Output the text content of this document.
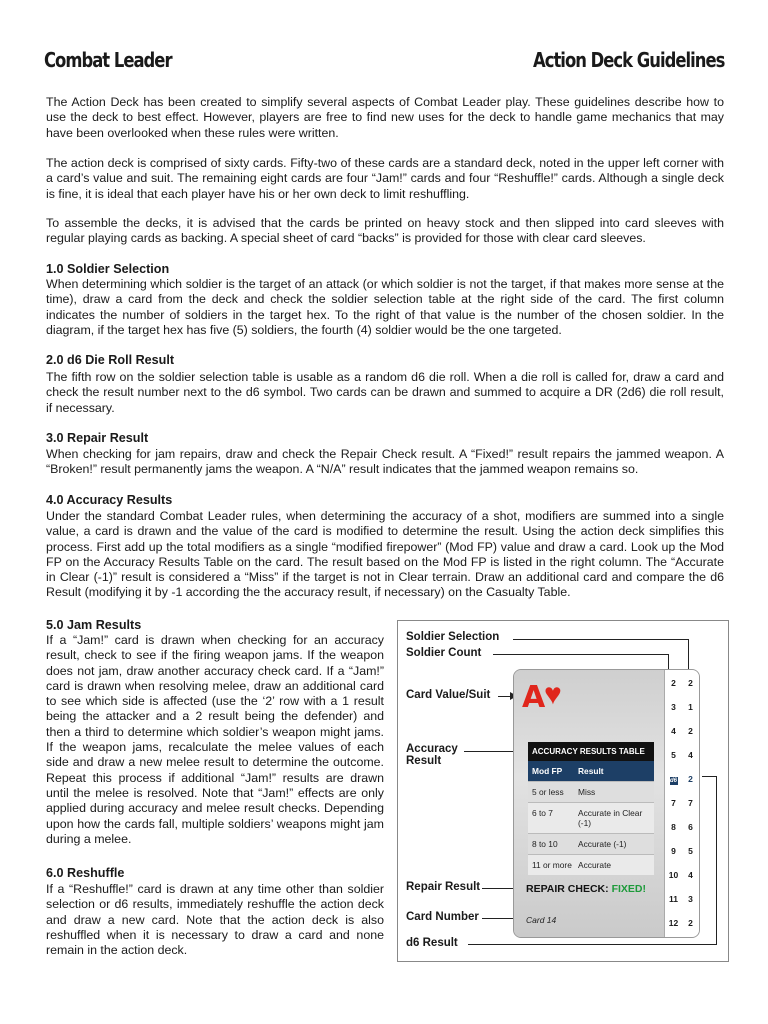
Combat Leader	Action Deck Guidelines

The Action Deck has been created to simplify several aspects of Combat Leader play. These guidelines describe how to use the deck to best effect. However, players are free to find new uses for the deck to handle game mechanics that may have been overlooked when these rules were written.

The action deck is comprised of sixty cards. Fifty-two of these cards are a standard deck, noted in the upper left corner with a card’s value and suit. The remaining eight cards are four “Jam!” cards and four “Reshuffle!” cards. Although a single deck is fine, it is ideal that each player have his or her own deck to limit reshuffling.

To assemble the decks, it is advised that the cards be printed on heavy stock and then slipped into card sleeves with regular playing cards as backing. A special sheet of card “backs” is provided for those with clear card sleeves.

1.0 Soldier Selection

When determining which soldier is the target of an attack (or which soldier is not the target, if that makes more sense at the time), draw a card from the deck and check the soldier selection table at the right side of the card. The first column indicates the number of soldiers in the target hex. To the right of that value is the number of the chosen soldier. In the diagram, if the target hex has five (5) soldiers, the fourth (4) soldier would be the one targeted.

2.0 d6 Die Roll Result

The fifth row on the soldier selection table is usable as a random d6 die roll. When a die roll is called for, draw a card and check the result number next to the d6 symbol. Two cards can be drawn and summed to acquire a DR (2d6) die roll result, if necessary.

3.0 Repair Result

When checking for jam repairs, draw and check the Repair Check result. A “Fixed!” result repairs the jammed weapon. A “Broken!” result permanently jams the weapon. A “N/A” result indicates that the jammed weapon remains so.

4.0 Accuracy Results

Under the standard Combat Leader rules, when determining the accuracy of a shot, modifiers are summed into a single value, a card is drawn and the value of the card is modified to determine the result. Using the action deck simplifies this process. First add up the total modifiers as a single “modified firepower” (Mod FP) value and draw a card. Look up the Mod FP on the Accuracy Results Table on the card. The result based on the Mod FP is listed in the right column. The “Accurate in Clear (-1)” result is considered a “Miss” if the target is not in Clear terrain. Draw an additional card and compare the d6 Result (modifying it by -1 according the the accuracy result, if necessary) on the Casualty Table.

5.0 Jam Results

If a “Jam!” card is drawn when checking for an accuracy result, check to see if the firing weapon jams. If the weapon does not jam, draw another accuracy check card. If a “Jam!” card is drawn when resolving melee, draw an additional card to see which side is affected (use the ‘2’ row with a 1 result being the attacker and a 2 result being the defender) and then a third to determine which soldier’s weapon might jams. If the weapon jams, recalculate the melee values of each side and draw a new melee result to determine the outcome. Repeat this process if additional “Jam!” results are drawn until the melee is resolved. Note that “Jam!” effects are only applied during accuracy and melee result checks. Depending upon how the cards fall, multiple soldiers’ weapons might jam during a melee.

6.0 Reshuffle

If a “Reshuffle!” card is drawn at any time other than soldier selection or d6 results, immediately reshuffle the action deck and draw a new card. Note that the action deck is also reshuffled when it is necessary to draw a card and none remain in the action deck.

Soldier Selection
Soldier Count
Card Value/Suit
Accuracy Result
Repair Result
Card Number
d6 Result
A
♥
ACCURACY RESULTS TABLE
Mod FP	Result
5 or less	Miss
6 to 7	Accurate in Clear (-1)
8 to 10	Accurate (-1)
11 or more Accurate
REPAIR CHECK: FIXED!
Card 14
2	2
3	1
4	2
5	4
d6	2
7	7
8	6
9	5
10	4
11	3
12	2
